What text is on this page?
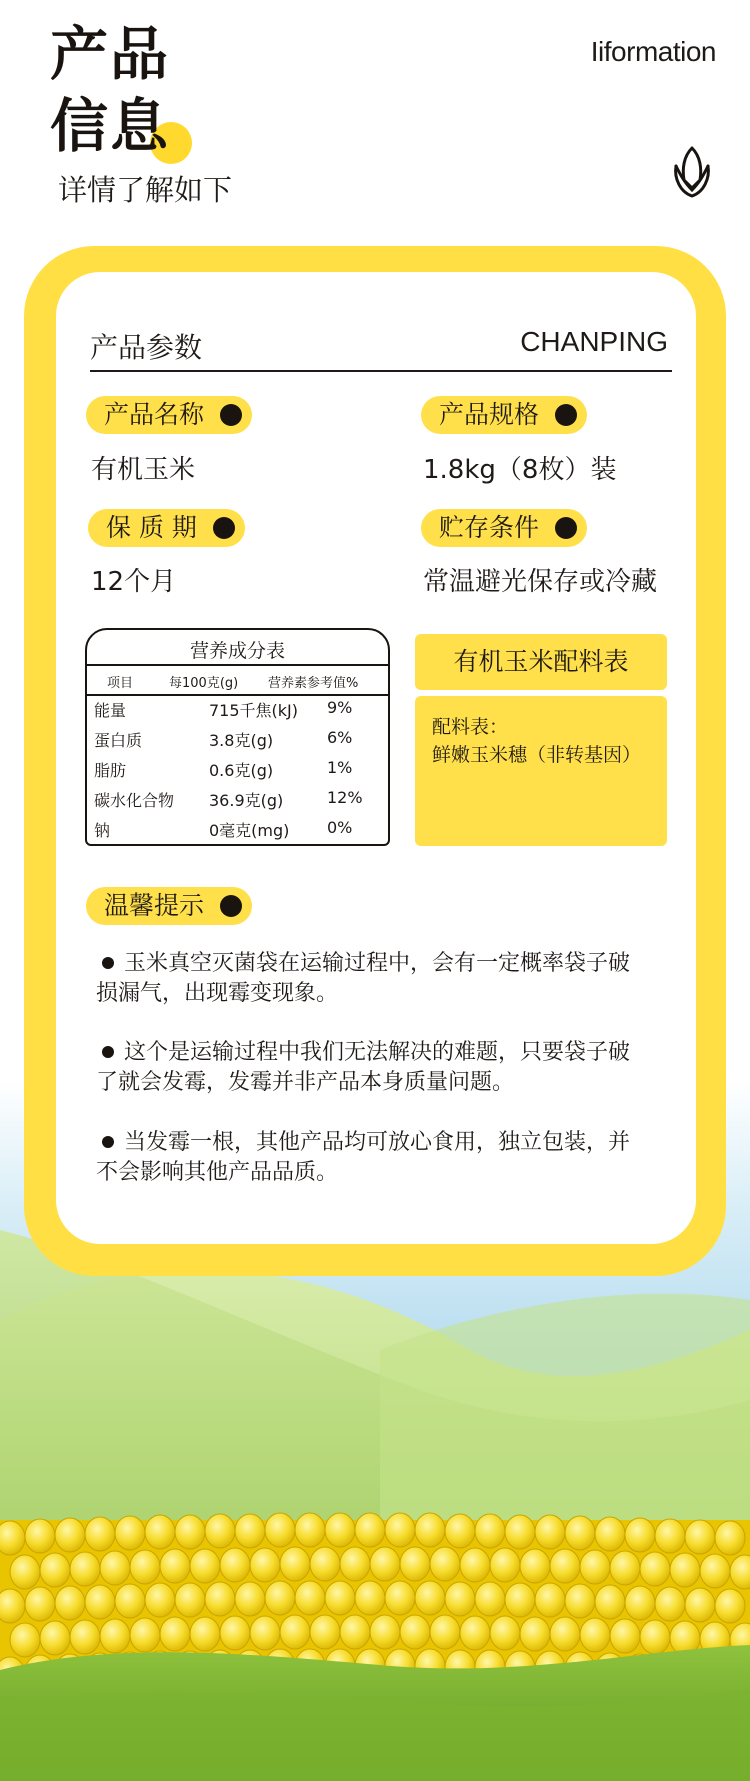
产品
信息
详情了解如下
Iiformation
产品参数	CHANPING
产品名称
有机玉米
产品规格
1.8kg（8枚）装
保 质 期
12个月
贮存条件
常温避光保存或冷藏
营养成分表
项目	每100克(g) 营养素参考值%
能量	715千焦(kJ) 9%
蛋白质	3.8克(g)	6%
脂肪	0.6克(g)	1%
碳水化合物 36.9克(g)	12%
钠	0毫克(mg) 0%
有机玉米配料表
配料表：
鲜嫩玉米穗（非转基因）
温馨提示
玉米真空灭菌袋在运输过程中，会有一定概率袋子破
损漏气，出现霉变现象。
这个是运输过程中我们无法解决的难题，只要袋子破
了就会发霉，发霉并非产品本身质量问题。
当发霉一根，其他产品均可放心食用，独立包装，并
不会影响其他产品品质。
